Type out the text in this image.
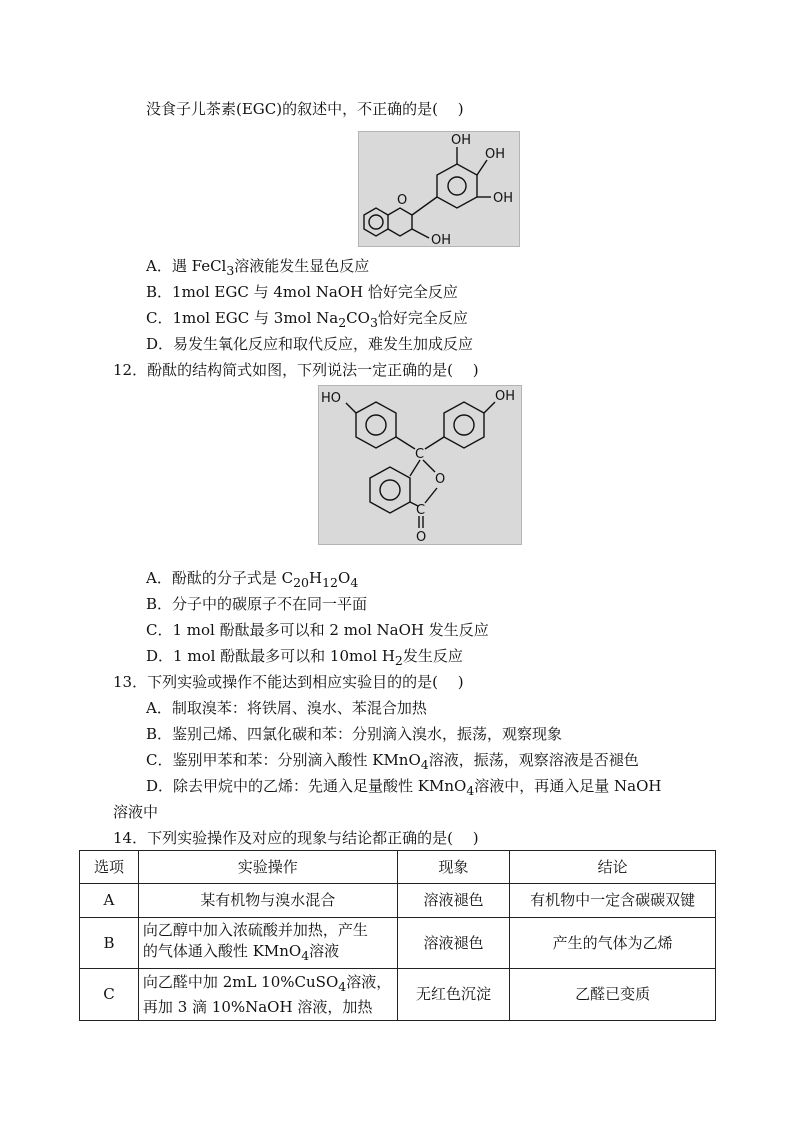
没食子儿茶素(EGC)的叙述中，不正确的是(　 )
O
OH
OH
OH
OH
A．遇 FeCl$_3$溶液能发生显色反应
B．1mol EGC 与 4mol NaOH 恰好完全反应
C．1mol EGC 与 3mol $Na_2CO_3$恰好完全反应
D．易发生氧化反应和取代反应，难发生加成反应
12．酚酞的结构简式如图，下列说法一定正确的是(　 )
HO	OH
C
O
C
O
A．酚酞的分子式是 $C_{20}H_{12}O_4$
B．分子中的碳原子不在同一平面
C．1 mol 酚酞最多可以和 2 mol NaOH 发生反应
D．1 mol 酚酞最多可以和 10mol $H_2$发生反应
13．下列实验或操作不能达到相应实验目的的是(　 )
A．制取溴苯：将铁屑、溴水、苯混合加热
B．鉴别己烯、四氯化碳和苯：分别滴入溴水，振荡，观察现象
C．鉴别甲苯和苯：分别滴入酸性 KMnO$_4$溶液，振荡，观察溶液是否褪色
D．除去甲烷中的乙烯：先通入足量酸性 KMnO$_4$溶液中，再通入足量 NaOH
溶液中
14．下列实验操作及对应的现象与结论都正确的是(　 )
选项	实验操作	现象	结论
A	某有机物与溴水混合	溶液褪色	有机物中一定含碳碳双键
B	向乙醇中加入浓硫酸并加热，产生
的气体通入酸性 KMnO$_4$溶液	溶液褪色	产生的气体为乙烯
C	向乙醛中加 2mL 10%CuSO$_4$溶液，
再加 3 滴 10%NaOH 溶液，加热	无红色沉淀	乙醛已变质
